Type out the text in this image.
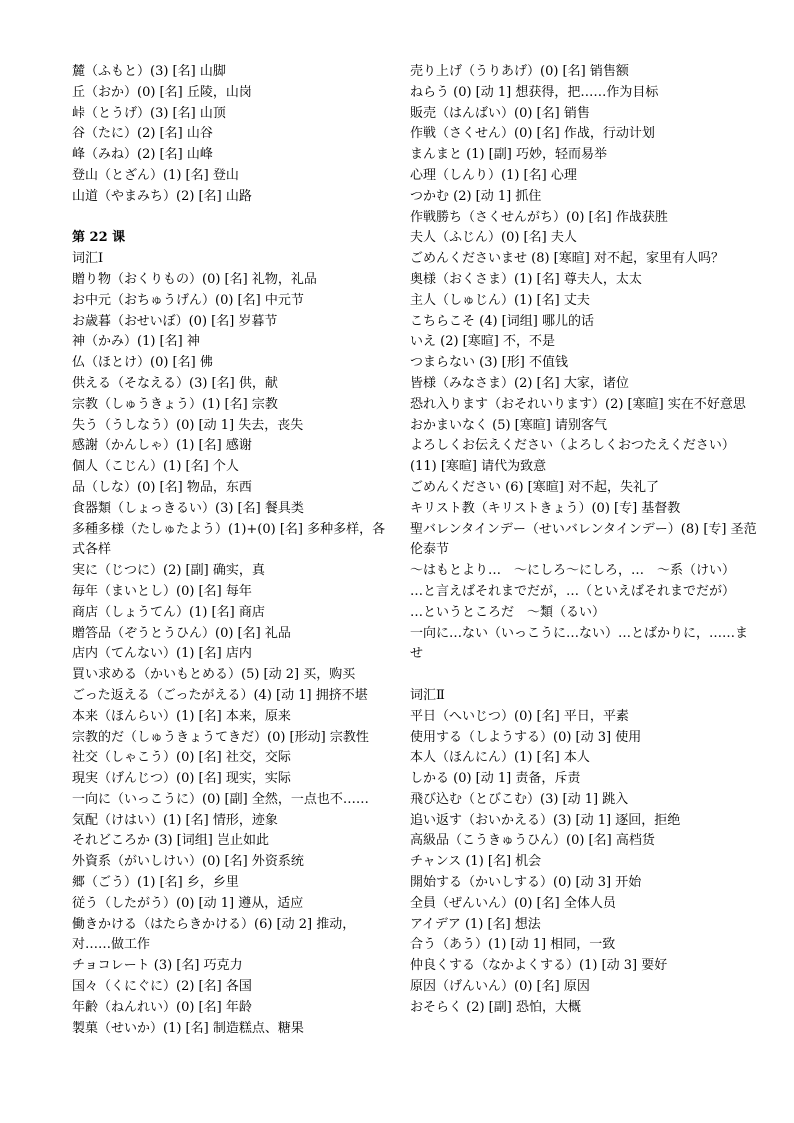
麓（ふもと）(3) [名] 山脚
丘（おか）(0) [名] 丘陵，山岗
峠（とうげ）(3) [名] 山顶
谷（たに）(2) [名] 山谷
峰（みね）(2) [名] 山峰
登山（とざん）(1) [名] 登山
山道（やまみち）(2) [名] 山路
第 22 课
词汇Ⅰ
贈り物（おくりもの）(0) [名] 礼物，礼品
お中元（おちゅうげん）(0) [名] 中元节
お歳暮（おせいぼ）(0) [名] 岁暮节
神（かみ）(1) [名] 神
仏（ほとけ）(0) [名] 佛
供える（そなえる）(3) [名] 供，献
宗教（しゅうきょう）(1) [名] 宗教
失う（うしなう）(0) [动 1] 失去，丧失
感謝（かんしゃ）(1) [名] 感谢
個人（こじん）(1) [名] 个人
品（しな）(0) [名] 物品，东西
食器類（しょっきるい）(3) [名] 餐具类
多種多様（たしゅたよう）(1)+(0) [名] 多种多样，各式各样
実に（じつに）(2) [副] 确实，真
毎年（まいとし）(0) [名] 每年
商店（しょうてん）(1) [名] 商店
贈答品（ぞうとうひん）(0) [名] 礼品
店内（てんない）(1) [名] 店内
買い求める（かいもとめる）(5) [动 2] 买，购买
ごった返える（ごったがえる）(4) [动 1] 拥挤不堪
本来（ほんらい）(1) [名] 本来，原来
宗教的だ（しゅうきょうてきだ）(0) [形动] 宗教性
社交（しゃこう）(0) [名] 社交，交际
現実（げんじつ）(0) [名] 现实，实际
一向に（いっこうに）(0) [副] 全然，一点也不……
気配（けはい）(1) [名] 情形，迹象
それどころか (3) [词组] 岂止如此
外資系（がいしけい）(0) [名] 外资系统
郷（ごう）(1) [名] 乡，乡里
従う（したがう）(0) [动 1] 遵从，适应
働きかける（はたらきかける）(6) [动 2] 推动，对……做工作
チョコレート (3) [名] 巧克力
国々（くにぐに）(2) [名] 各国
年齢（ねんれい）(0) [名] 年龄
製菓（せいか）(1) [名] 制造糕点、糖果
売り上げ（うりあげ）(0) [名] 销售额
ねらう (0) [动 1] 想获得，把……作为目标
販売（はんばい）(0) [名] 销售
作戦（さくせん）(0) [名] 作战，行动计划
まんまと (1) [副] 巧妙，轻而易举
心理（しんり）(1) [名] 心理
つかむ (2) [动 1] 抓住
作戦勝ち（さくせんがち）(0) [名] 作战获胜
夫人（ふじん）(0) [名] 夫人
ごめんくださいませ (8) [寒暄] 对不起，家里有人吗？
奥様（おくさま）(1) [名] 尊夫人，太太
主人（しゅじん）(1) [名] 丈夫
こちらこそ (4) [词组] 哪儿的话
いえ (2) [寒暄] 不，不是
つまらない (3) [形] 不值钱
皆様（みなさま）(2) [名] 大家，诸位
恐れ入ります（おそれいります）(2) [寒暄] 实在不好意思
おかまいなく (5) [寒暄] 请别客气
よろしくお伝えください（よろしくおつたえください）(11) [寒暄] 请代为致意
ごめんください (6) [寒暄] 对不起，失礼了
キリスト教（キリストきょう）(0) [专] 基督教
聖バレンタインデー（せいバレンタインデー）(8) [专] 圣范伦泰节
～はもとより…　～にしろ～にしろ，…　～系（けい）
…と言えばそれまでだが，…（といえばそれまでだが）
…というところだ　～類（るい）
一向に…ない（いっこうに…ない）…とばかりに，……ませ
词汇Ⅱ
平日（へいじつ）(0) [名] 平日，平素
使用する（しようする）(0) [动 3] 使用
本人（ほんにん）(1) [名] 本人
しかる (0) [动 1] 责备，斥责
飛び込む（とびこむ）(3) [动 1] 跳入
追い返す（おいかえる）(3) [动 1] 逐回，拒绝
高級品（こうきゅうひん）(0) [名] 高档货
チャンス (1) [名] 机会
開始する（かいしする）(0) [动 3] 开始
全員（ぜんいん）(0) [名] 全体人员
アイデア (1) [名] 想法
合う（あう）(1) [动 1] 相同，一致
仲良くする（なかよくする）(1) [动 3] 要好
原因（げんいん）(0) [名] 原因
おそらく (2) [副] 恐怕，大概
